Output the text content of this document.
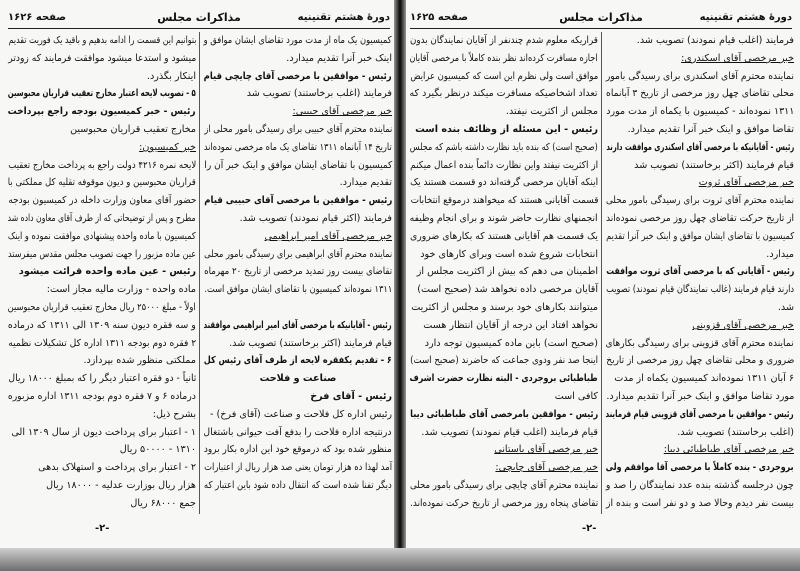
دورهٔ هشتم تقنینیه
مذاکرات مجلس
صفحه ۱۶۲۶
کمیسیون یک ماه از مدت مورد تقاضای ایشان موافق و
اینک خبر آنرا تقدیم میدارد.
رئیس - موافقین با مرخصی آقای چایچی قیام
فرمایند (اغلب برخاستند) تصویب شد
خبر مرخصی آقای حبیبی:
نماینده محترم آقای حبیبی برای رسیدگی بامور محلی از
تاریخ ۱۴ آبانماه ۱۳۱۱ تقاضای یک ماه مرخصی نموده‌اند
کمیسیون با تقاضای ایشان موافق و اینک خبر آن را
تقدیم میدارد.
رئیس - موافقین با مرخصی آقای حبیبی قیام
فرمایند (اکثر قیام نمودند) تصویب شد.
خبر مرخصی آقای امیر ابراهیمی
نماینده محترم آقای ابراهیمی برای رسیدگی بامور محلی
تقاضای بیست روز تمدید مرخصی از تاریخ ۲۰ مهرماه
۱۳۱۱ نموده‌اند کمیسیون با تقاضای ایشان موافق است.
رئیس - آقایانیکه با مرخصی آقای امیر ابراهیمی موافقند
قیام فرمایند (اکثر برخاستند) تصویب شد.
۶ - تقدیم یکفقره لایحه از طرف آقای رئیس کل
صناعت و فلاحت
رئیس - آقای فرخ
رئیس اداره کل فلاحت و صناعت (آقای فرخ) -
درنتیجه اداره فلاحت را بدفع آفت حیوانی باشتغال
منظور شده بود که درموقع خود این اداره بکار برود
آمد لهذا ده هزار تومان یعنی صد هزار ریال از اعتبارات
دیگر تفنا شده است که انتقال داده شود باین اعتبار که
بتوانیم این قسمت را ادامه بدهیم و باقید یک فوریت تقدیم
میشود و استدعا میشود موافقت فرمایند که زودتر
اینکار بگذرد.
۵ - تصویب لایحه اعتبار مخارج تعقیب قراریان محبوسین
رئیس - خبر کمیسیون بودجه راجع بپرداخت
مخارج تعقیب قراریان محبوسین
خبر کمیسیون:
لایحه نمره ۴۲۱۶ دولت راجع به پرداخت مخارج تعقیب
قراریان محبوسین و دیون موقوفه تقلیه کل مملکتی با
حضور آقای معاون وزارت داخله در کمیسیون بودجه
مطرح و پس از توضیحاتی که از طرف آقای معاون داده شد
کمیسیون با ماده واحده پیشنهادی موافقت نموده و اینک
عین ماده مزبور را جهت تصویب مجلس مقدس میفرستد
رئیس - عین ماده واحده قرائت میشود
ماده واحده - وزارت مالیه مجاز است:
اولاً - مبلغ ۲۵۰۰۰ ریال مخارج تعقیب قراریان محبوسین
و سه فقره دیون سنه ۱۳۰۹ الی ۱۳۱۱ که درماده
۲ فقره دوم بودجه ۱۳۱۱ اداره کل تشکیلات نظمیه
مملکتی منظور شده بپردازد.
ثانیاً - دو فقره اعتبار دیگر را که بمبلغ ۱۸۰۰۰ ریال
درماده ۶ و ۷ فقره دوم بودجه ۱۳۱۱ اداره مزبوره
بشرح ذیل:
۱ - اعتبار برای پرداخت دیون از سال ۱۳۰۹ الی
۱۳۱۰ - ۵۰۰۰۰ ریال
۲ - اعتبار برای پرداخت و استهلاک بدهی
هزار ریال بوزارت عدلیه - ۱۸۰۰۰ ریال
جمع ۶۸۰۰۰ ریال
-۲-
دورهٔ هشتم تقنینیه
مذاکرات مجلس
صفحه ۱۶۲۵
فرمایند (اغلب قیام نمودند) تصویب شد.
خبر مرخصی آقای اسکندری:
نماینده محترم آقای اسکندری برای رسیدگی بامور
محلی تقاضای چهل روز مرخصی از تاریخ ۳ آبانماه
۱۳۱۱ نموده‌اند - کمیسیون با یکماه از مدت مورد
تقاضا موافق و اینک خبر آنرا تقدیم میدارد.
رئیس - آقایانیکه با مرخصی آقای اسکندری موافقت دارند
قیام فرمایند (اکثر برخاستند) تصویب شد
خبر مرخصی آقای ثروت
نماینده محترم آقای ثروت برای رسیدگی بامور محلی
از تاریخ حرکت تقاضای چهل روز مرخصی نموده‌اند
کمیسیون با تقاضای ایشان موافق و اینک خبر آنرا تقدیم
میدارد.
رئیس - آقایانی که با مرخصی آقای ثروت موافقت
دارند قیام فرمایند (غالب نمایندگان قیام نمودند) تصویب
شد.
خبر مرخصی آقای قزوینی
نماینده محترم آقای قزوینی برای رسیدگی بکارهای
ضروری و محلی تقاضای چهل روز مرخصی از تاریخ
۶ آبان ۱۳۱۱ نموده‌اند کمیسیون یکماه از مدت
مورد تقاضا موافق و اینک خبر آنرا تقدیم میدارد.
رئیس - موافقین با مرخصی آقای قزوینی قیام فرمایند
(اغلب برخاستند) تصویب شد.
خبر مرخصی آقای طباطبائی دیبا:
بروجردی - بنده کاملاً با مرخصی آقا موافقم ولی
چون درجلسه گذشته بنده عدد نمایندگان را صد و
بیست نفر دیدم وحالا صد و دو نفر است و بنده از
قراریکه معلوم شدم چندنفر از آقایان نمایندگان بدون
اجازه مسافرت کرده‌اند نظر بنده کاملاً با مرخصی آقایان
موافق است ولی نظرم این است که کمیسیون عرایض
تعداد اشخاصیکه مسافرت میکند درنظر بگیرد که
مجلس از اکثریت نیفتد.
رئیس - این مسئله از وظائف بنده است
(صحیح است) که بنده باید نظارت داشته باشم که مجلس
از اکثریت نیفتد واین نظارت دائماً بنده اعمال میکنم
اینکه آقایان مرخصی گرفته‌اند دو قسمت هستند یک
قسمت آقایانی هستند که میخواهند درموقع انتخابات
انجمنهای نظارت حاضر شوند و برای انجام وظیفه
یک قسمت هم آقایانی هستند که بکارهای ضروری
انتخابات شروع شده است وبرای کارهای خود
اطمینان می دهم که بیش از اکثریت مجلس از
آقایان مرخصی داده نخواهد شد (صحیح است)
میتوانند بکارهای خود برسند و مجلس از اکثریت
نخواهد افتاد این درجه از آقایان انتظار هست
(صحیح است) باین ماده کمیسیون توجه دارد
اینجا صد نفر ودوی جماعت که حاضرند (صحیح است)
طباطبائی بروجردی - البته نظارت حضرت اشرف
کافی است
رئیس - موافقین بامرخصی آقای طباطبائی دیبا
قیام فرمایند (اغلب قیام نمودند) تصویب شد.
خبر مرخصی آقای باستانی
خبر مرخصی آقای چایچی:
نماینده محترم آقای چایچی برای رسیدگی بامور محلی
تقاضای پنجاه روز مرخصی از تاریخ حرکت نموده‌اند.
-۲-
